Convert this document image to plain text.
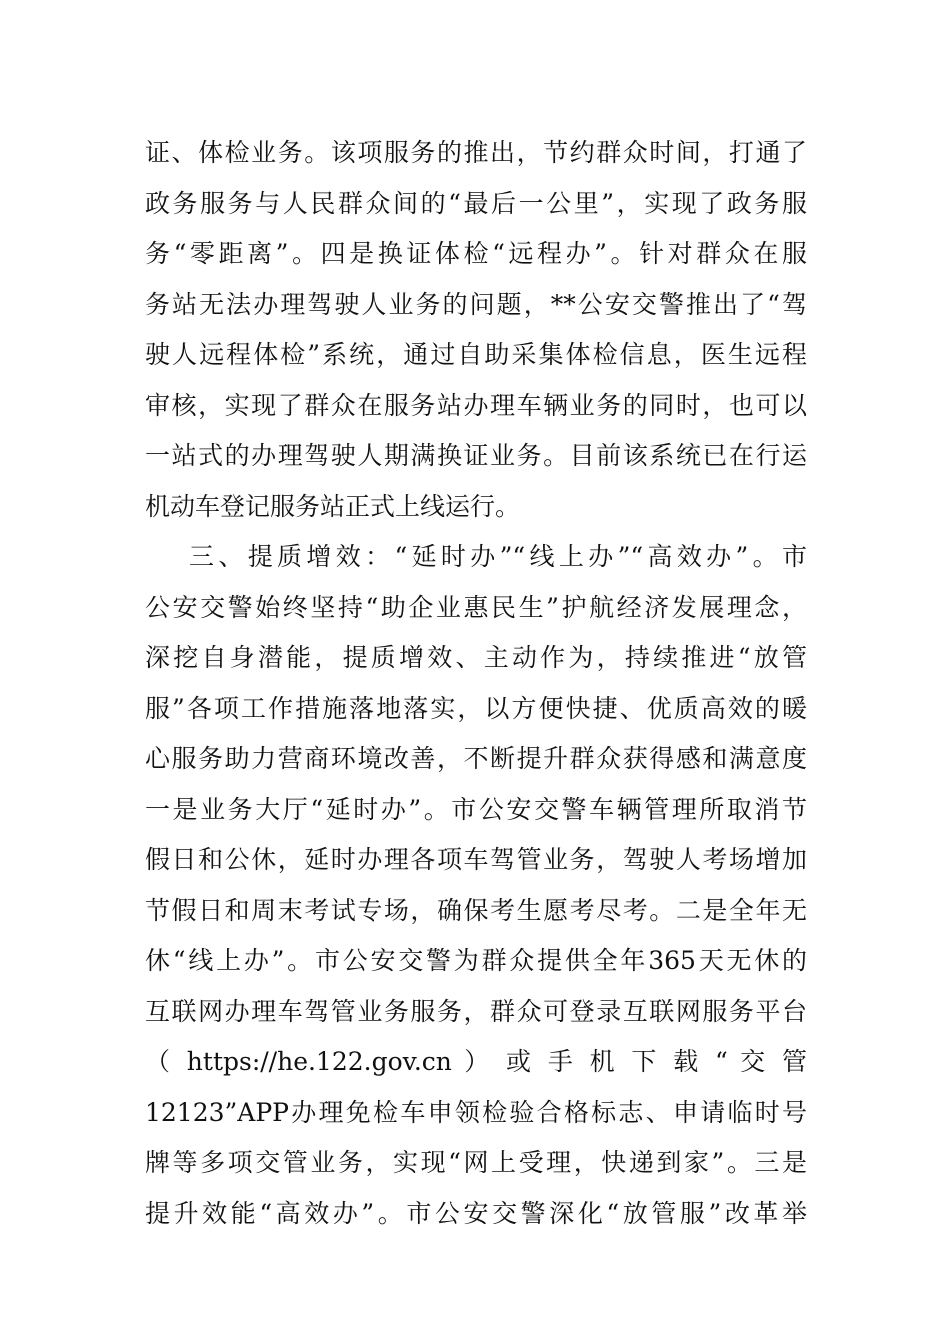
证、体检业务。该项服务的推出，节约群众时间，打通了
政务服务与人民群众间的“最后一公里”，实现了政务服
务“零距离”。四是换证体检“远程办”。针对群众在服
务站无法办理驾驶人业务的问题，**公安交警推出了“驾
驶人远程体检”系统，通过自助采集体检信息，医生远程
审核，实现了群众在服务站办理车辆业务的同时，也可以
一站式的办理驾驶人期满换证业务。目前该系统已在行运
机动车登记服务站正式上线运行。
三、提质增效：“延时办”“线上办”“高效办”。市
公安交警始终坚持“助企业惠民生”护航经济发展理念，
深挖自身潜能，提质增效、主动作为，持续推进“放管
服”各项工作措施落地落实，以方便快捷、优质高效的暖
心服务助力营商环境改善，不断提升群众获得感和满意度
一是业务大厅“延时办”。市公安交警车辆管理所取消节
假日和公休，延时办理各项车驾管业务，驾驶人考场增加
节假日和周末考试专场，确保考生愿考尽考。二是全年无
休“线上办”。市公安交警为群众提供全年365天无休的
互联网办理车驾管业务服务，群众可登录互联网服务平台
（ https://he.122.gov.cn ） 或 手 机 下 载 “ 交 管
12123”APP办理免检车申领检验合格标志、申请临时号
牌等多项交管业务，实现“网上受理，快递到家”。三是
提升效能“高效办”。市公安交警深化“放管服”改革举
